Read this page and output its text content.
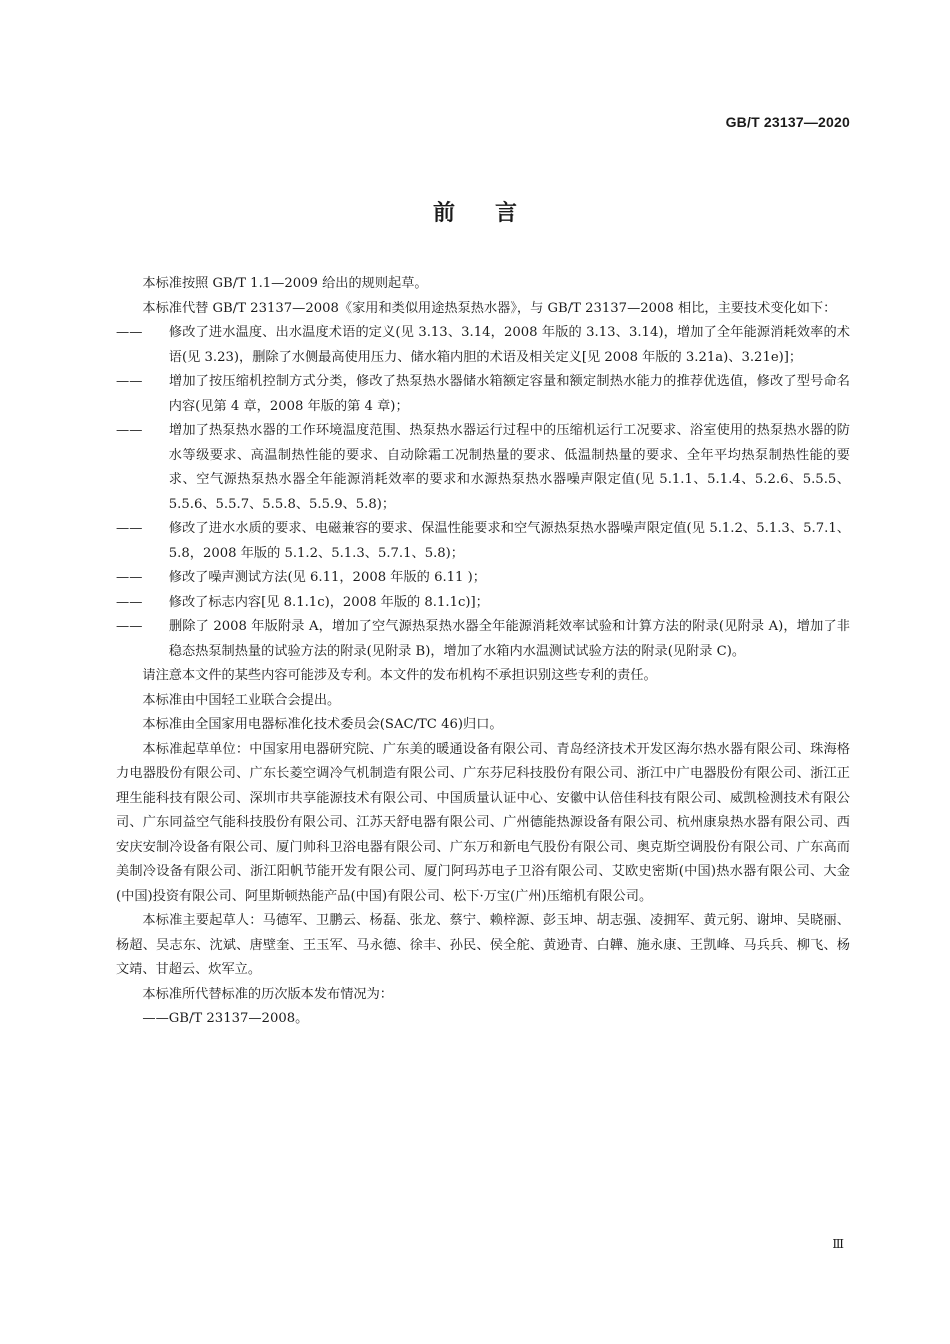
GB/T 23137—2020
前言

本标准按照 GB/T 1.1—2009 给出的规则起草。

本标准代替 GB/T 23137—2008《家用和类似用途热泵热水器》，与 GB/T 23137—2008 相比，主要技术变化如下：

—— 修改了进水温度、出水温度术语的定义(见 3.13、3.14，2008 年版的 3.13、3.14)，增加了全年能源消耗效率的术语(见 3.23)，删除了水侧最高使用压力、储水箱内胆的术语及相关定义[见 2008 年版的 3.21a)、3.21e)]；

—— 增加了按压缩机控制方式分类，修改了热泵热水器储水箱额定容量和额定制热水能力的推荐优选值，修改了型号命名内容(见第 4 章，2008 年版的第 4 章)；

—— 增加了热泵热水器的工作环境温度范围、热泵热水器运行过程中的压缩机运行工况要求、浴室使用的热泵热水器的防水等级要求、高温制热性能的要求、自动除霜工况制热量的要求、低温制热量的要求、全年平均热泵制热性能的要求、空气源热泵热水器全年能源消耗效率的要求和水源热泵热水器噪声限定值(见 5.1.1、5.1.4、5.2.6、5.5.5、5.5.6、5.5.7、5.5.8、5.5.9、5.8)；

—— 修改了进水水质的要求、电磁兼容的要求、保温性能要求和空气源热泵热水器噪声限定值(见 5.1.2、5.1.3、5.7.1、5.8，2008 年版的 5.1.2、5.1.3、5.7.1、5.8)；

—— 修改了噪声测试方法(见 6.11，2008 年版的 6.11 )；

—— 修改了标志内容[见 8.1.1c)，2008 年版的 8.1.1c)]；

—— 删除了 2008 年版附录 A，增加了空气源热泵热水器全年能源消耗效率试验和计算方法的附录(见附录 A)，增加了非稳态热泵制热量的试验方法的附录(见附录 B)，增加了水箱内水温测试试验方法的附录(见附录 C)。

请注意本文件的某些内容可能涉及专利。本文件的发布机构不承担识别这些专利的责任。

本标准由中国轻工业联合会提出。

本标准由全国家用电器标准化技术委员会(SAC/TC 46)归口。

本标准起草单位：中国家用电器研究院、广东美的暖通设备有限公司、青岛经济技术开发区海尔热水器有限公司、珠海格力电器股份有限公司、广东长菱空调冷气机制造有限公司、广东芬尼科技股份有限公司、浙江中广电器股份有限公司、浙江正理生能科技有限公司、深圳市共享能源技术有限公司、中国质量认证中心、安徽中认倍佳科技有限公司、威凯检测技术有限公司、广东同益空气能科技股份有限公司、江苏天舒电器有限公司、广州德能热源设备有限公司、杭州康泉热水器有限公司、西安庆安制冷设备有限公司、厦门帅科卫浴电器有限公司、广东万和新电气股份有限公司、奥克斯空调股份有限公司、广东高而美制冷设备有限公司、浙江阳帆节能开发有限公司、厦门阿玛苏电子卫浴有限公司、艾欧史密斯(中国)热水器有限公司、大金(中国)投资有限公司、阿里斯顿热能产品(中国)有限公司、松下·万宝(广州)压缩机有限公司。

本标准主要起草人：马德军、卫鹏云、杨磊、张龙、蔡宁、赖梓源、彭玉坤、胡志强、凌拥军、黄元躬、谢坤、吴晓丽、杨超、吴志东、沈斌、唐壁奎、王玉军、马永德、徐丰、孙民、侯全舵、黄逊青、白韡、施永康、王凯峰、马兵兵、柳飞、杨文靖、甘超云、炊军立。

本标准所代替标准的历次版本发布情况为：

——GB/T 23137—2008。

Ⅲ
